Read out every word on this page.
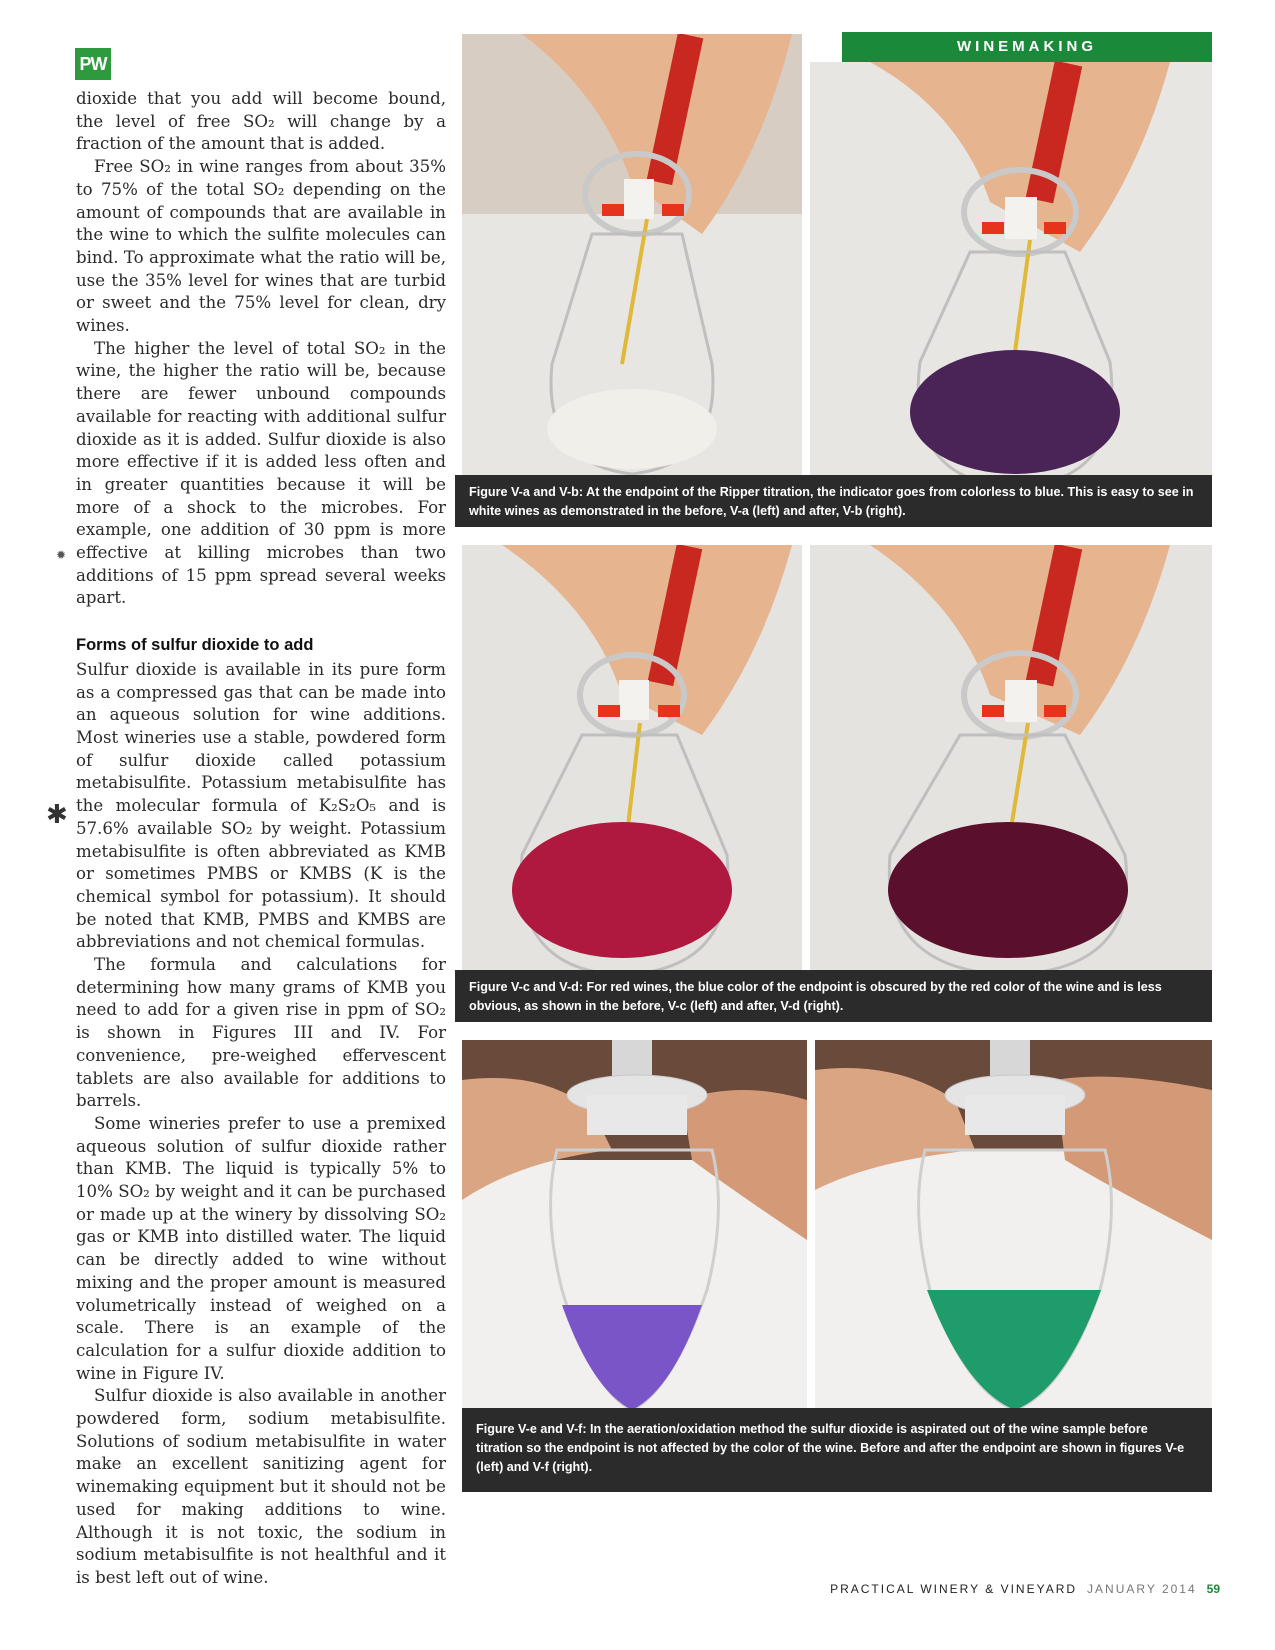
PW
WINEMAKING
✹
✱

dioxide that you add will become bound, the level of free SO₂ will change by a fraction of the amount that is added.

Free SO₂ in wine ranges from about 35% to 75% of the total SO₂ depending on the amount of compounds that are available in the wine to which the sulfite molecules can bind. To approximate what the ratio will be, use the 35% level for wines that are turbid or sweet and the 75% level for clean, dry wines.

The higher the level of total SO₂ in the wine, the higher the ratio will be, because there are fewer unbound compounds available for reacting with additional sulfur dioxide as it is added. Sulfur dioxide is also more effective if it is added less often and in greater quantities because it will be more of a shock to the microbes. For example, one addition of 30 ppm is more effective at killing microbes than two additions of 15 ppm spread several weeks apart.

Forms of sulfur dioxide to add

Sulfur dioxide is available in its pure form as a compressed gas that can be made into an aqueous solution for wine additions. Most wineries use a stable, powdered form of sulfur dioxide called potassium metabisulfite. Potassium metabisulfite has the molecular formula of K₂S₂O₅ and is 57.6% available SO₂ by weight. Potassium metabisulfite is often abbreviated as KMB or sometimes PMBS or KMBS (K is the chemical symbol for potassium). It should be noted that KMB, PMBS and KMBS are abbreviations and not chemical formulas.

The formula and calculations for determining how many grams of KMB you need to add for a given rise in ppm of SO₂ is shown in Figures III and IV. For convenience, pre-weighed effervescent tablets are also available for additions to barrels.

Some wineries prefer to use a premixed aqueous solution of sulfur dioxide rather than KMB. The liquid is typically 5% to 10% SO₂ by weight and it can be purchased or made up at the winery by dissolving SO₂ gas or KMB into distilled water. The liquid can be directly added to wine without mixing and the proper amount is measured volumetrically instead of weighed on a scale. There is an example of the calculation for a sulfur dioxide addition to wine in Figure IV.

Sulfur dioxide is also available in another powdered form, sodium metabisulfite. Solutions of sodium metabisulfite in water make an excellent sanitizing agent for winemaking equipment but it should not be used for making additions to wine. Although it is not toxic, the sodium in sodium metabisulfite is not healthful and it is best left out of wine.

Figure V-a and V-b: At the endpoint of the Ripper titration, the indicator goes from colorless to blue. This is easy to see in white wines as demonstrated in the before, V-a (left) and after, V-b (right).
Figure V-c and V-d: For red wines, the blue color of the endpoint is obscured by the red color of the wine and is less obvious, as shown in the before, V-c (left) and after, V-d (right).
Figure V-e and V-f: In the aeration/oxidation method the sulfur dioxide is aspirated out of the wine sample before titration so the endpoint is not affected by the color of the wine. Before and after the endpoint are shown in figures V-e (left) and V-f (right).
PRACTICAL WINERY & VINEYARD JANUARY 2014 59
